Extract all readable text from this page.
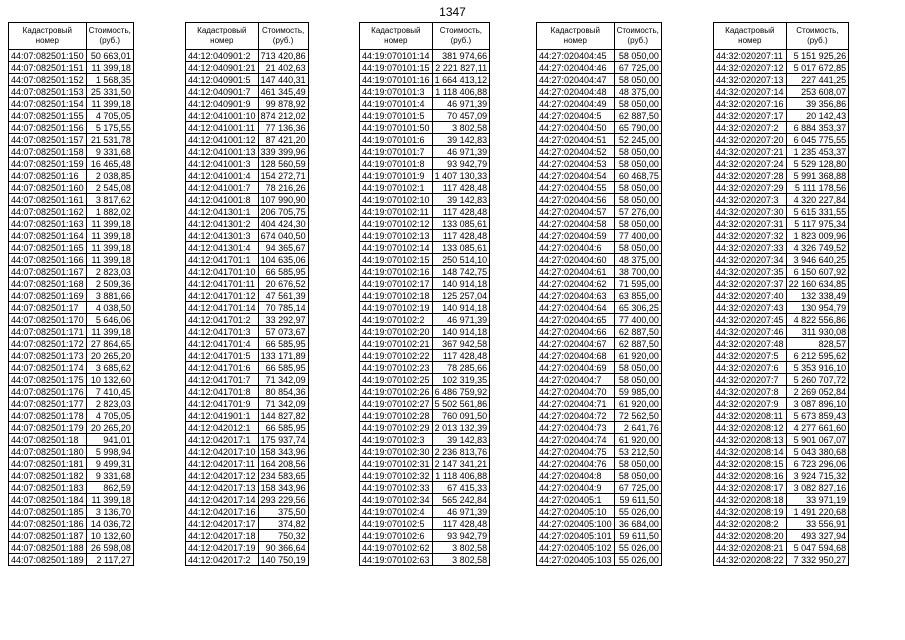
1347
Кадастровый
номер	Стоимость,
(руб.)
44:07:082501:150	50 663,01
44:07:082501:151	11 399,18
44:07:082501:152	1 568,35
44:07:082501:153	25 331,50
44:07:082501:154	11 399,18
44:07:082501:155	4 705,05
44:07:082501:156	5 175,55
44:07:082501:157	21 531,78
44:07:082501:158	9 331,68
44:07:082501:159	16 465,48
44:07:082501:16	2 038,85
44:07:082501:160	2 545,08
44:07:082501:161	3 817,62
44:07:082501:162	1 882,02
44:07:082501:163	11 399,18
44:07:082501:164	11 399,18
44:07:082501:165	11 399,18
44:07:082501:166	11 399,18
44:07:082501:167	2 823,03
44:07:082501:168	2 509,36
44:07:082501:169	3 881,66
44:07:082501:17	4 038,50
44:07:082501:170	5 646,06
44:07:082501:171	11 399,18
44:07:082501:172	27 864,65
44:07:082501:173	20 265,20
44:07:082501:174	3 685,62
44:07:082501:175	10 132,60
44:07:082501:176	7 410,45
44:07:082501:177	2 823,03
44:07:082501:178	4 705,05
44:07:082501:179	20 265,20
44:07:082501:18	941,01
44:07:082501:180	5 998,94
44:07:082501:181	9 499,31
44:07:082501:182	9 331,68
44:07:082501:183	862,59
44:07:082501:184	11 399,18
44:07:082501:185	3 136,70
44:07:082501:186	14 036,72
44:07:082501:187	10 132,60
44:07:082501:188	26 598,08
44:07:082501:189	2 117,27
Кадастровый
номер	Стоимость,
(руб.)
44:12:040901:2	713 420,86
44:12:040901:21	21 402,63
44:12:040901:5	147 440,31
44:12:040901:7	461 345,49
44:12:040901:9	99 878,92
44:12:041001:10	874 212,02
44:12:041001:11	77 136,36
44:12:041001:12	87 421,20
44:12:041001:13	339 399,96
44:12:041001:3	128 560,59
44:12:041001:4	154 272,71
44:12:041001:7	78 216,26
44:12:041001:8	107 990,90
44:12:041301:1	206 705,75
44:12:041301:2	404 424,30
44:12:041301:3	674 040,50
44:12:041301:4	94 365,67
44:12:041701:1	104 635,06
44:12:041701:10	66 585,95
44:12:041701:11	20 676,52
44:12:041701:12	47 561,39
44:12:041701:14	70 785,14
44:12:041701:2	33 292,97
44:12:041701:3	57 073,67
44:12:041701:4	66 585,95
44:12:041701:5	133 171,89
44:12:041701:6	66 585,95
44:12:041701:7	71 342,09
44:12:041701:8	80 854,36
44:12:041701:9	71 342,09
44:12:041901:1	144 827,82
44:12:042012:1	66 585,95
44:12:042017:1	175 937,74
44:12:042017:10	158 343,96
44:12:042017:11	164 208,56
44:12:042017:12	234 583,65
44:12:042017:13	158 343,96
44:12:042017:14	293 229,56
44:12:042017:16	375,50
44:12:042017:17	374,82
44:12:042017:18	750,32
44:12:042017:19	90 366,64
44:12:042017:2	140 750,19
Кадастровый
номер	Стоимость,
(руб.)
44:19:070101:14	381 974,66
44:19:070101:15	2 221 827,11
44:19:070101:16	1 664 413,12
44:19:070101:3	1 118 406,88
44:19:070101:4	46 971,39
44:19:070101:5	70 457,09
44:19:070101:50	3 802,58
44:19:070101:6	39 142,83
44:19:070101:7	46 971,39
44:19:070101:8	93 942,79
44:19:070101:9	1 407 130,33
44:19:070102:1	117 428,48
44:19:070102:10	39 142,83
44:19:070102:11	117 428,48
44:19:070102:12	133 085,61
44:19:070102:13	117 428,48
44:19:070102:14	133 085,61
44:19:070102:15	250 514,10
44:19:070102:16	148 742,75
44:19:070102:17	140 914,18
44:19:070102:18	125 257,04
44:19:070102:19	140 914,18
44:19:070102:2	46 971,39
44:19:070102:20	140 914,18
44:19:070102:21	367 942,58
44:19:070102:22	117 428,48
44:19:070102:23	78 285,66
44:19:070102:25	102 319,35
44:19:070102:26	6 486 759,92
44:19:070102:27	5 502 561,86
44:19:070102:28	760 091,50
44:19:070102:29	2 013 132,39
44:19:070102:3	39 142,83
44:19:070102:30	2 236 813,76
44:19:070102:31	2 147 341,21
44:19:070102:32	1 118 406,88
44:19:070102:33	67 415,33
44:19:070102:34	565 242,84
44:19:070102:4	46 971,39
44:19:070102:5	117 428,48
44:19:070102:6	93 942,79
44:19:070102:62	3 802,58
44:19:070102:63	3 802,58
Кадастровый
номер	Стоимость,
(руб.)
44:27:020404:45	58 050,00
44:27:020404:46	67 725,00
44:27:020404:47	58 050,00
44:27:020404:48	48 375,00
44:27:020404:49	58 050,00
44:27:020404:5	62 887,50
44:27:020404:50	65 790,00
44:27:020404:51	52 245,00
44:27:020404:52	58 050,00
44:27:020404:53	58 050,00
44:27:020404:54	60 468,75
44:27:020404:55	58 050,00
44:27:020404:56	58 050,00
44:27:020404:57	57 276,00
44:27:020404:58	58 050,00
44:27:020404:59	77 400,00
44:27:020404:6	58 050,00
44:27:020404:60	48 375,00
44:27:020404:61	38 700,00
44:27:020404:62	71 595,00
44:27:020404:63	63 855,00
44:27:020404:64	65 306,25
44:27:020404:65	77 400,00
44:27:020404:66	62 887,50
44:27:020404:67	62 887,50
44:27:020404:68	61 920,00
44:27:020404:69	58 050,00
44:27:020404:7	58 050,00
44:27:020404:70	59 985,00
44:27:020404:71	61 920,00
44:27:020404:72	72 562,50
44:27:020404:73	2 641,76
44:27:020404:74	61 920,00
44:27:020404:75	53 212,50
44:27:020404:76	58 050,00
44:27:020404:8	58 050,00
44:27:020404:9	67 725,00
44:27:020405:1	59 611,50
44:27:020405:10	55 026,00
44:27:020405:100	36 684,00
44:27:020405:101	59 611,50
44:27:020405:102	55 026,00
44:27:020405:103	55 026,00
Кадастровый
номер	Стоимость,
(руб.)
44:32:020207:11	5 151 925,26
44:32:020207:12	5 017 672,85
44:32:020207:13	227 441,25
44:32:020207:14	253 608,07
44:32:020207:16	39 356,86
44:32:020207:17	20 142,43
44:32:020207:2	6 884 353,37
44:32:020207:20	6 045 775,55
44:32:020207:21	1 235 453,37
44:32:020207:24	5 529 128,80
44:32:020207:28	5 991 368,88
44:32:020207:29	5 111 178,56
44:32:020207:3	4 320 227,84
44:32:020207:30	5 615 331,55
44:32:020207:31	5 117 975,34
44:32:020207:32	1 823 009,96
44:32:020207:33	4 326 749,52
44:32:020207:34	3 946 640,25
44:32:020207:35	6 150 607,92
44:32:020207:37	22 160 634,85
44:32:020207:40	132 338,49
44:32:020207:43	130 954,79
44:32:020207:45	4 822 556,86
44:32:020207:46	311 930,08
44:32:020207:48	828,57
44:32:020207:5	6 212 595,62
44:32:020207:6	5 353 916,10
44:32:020207:7	5 260 707,72
44:32:020207:8	2 269 052,84
44:32:020207:9	3 087 896,10
44:32:020208:11	5 673 859,43
44:32:020208:12	4 277 661,60
44:32:020208:13	5 901 067,07
44:32:020208:14	5 043 380,68
44:32:020208:15	6 723 296,06
44:32:020208:16	3 924 715,32
44:32:020208:17	3 082 827,16
44:32:020208:18	33 971,19
44:32:020208:19	1 491 220,68
44:32:020208:2	33 556,91
44:32:020208:20	493 327,94
44:32:020208:21	5 047 594,68
44:32:020208:22	7 332 950,27
